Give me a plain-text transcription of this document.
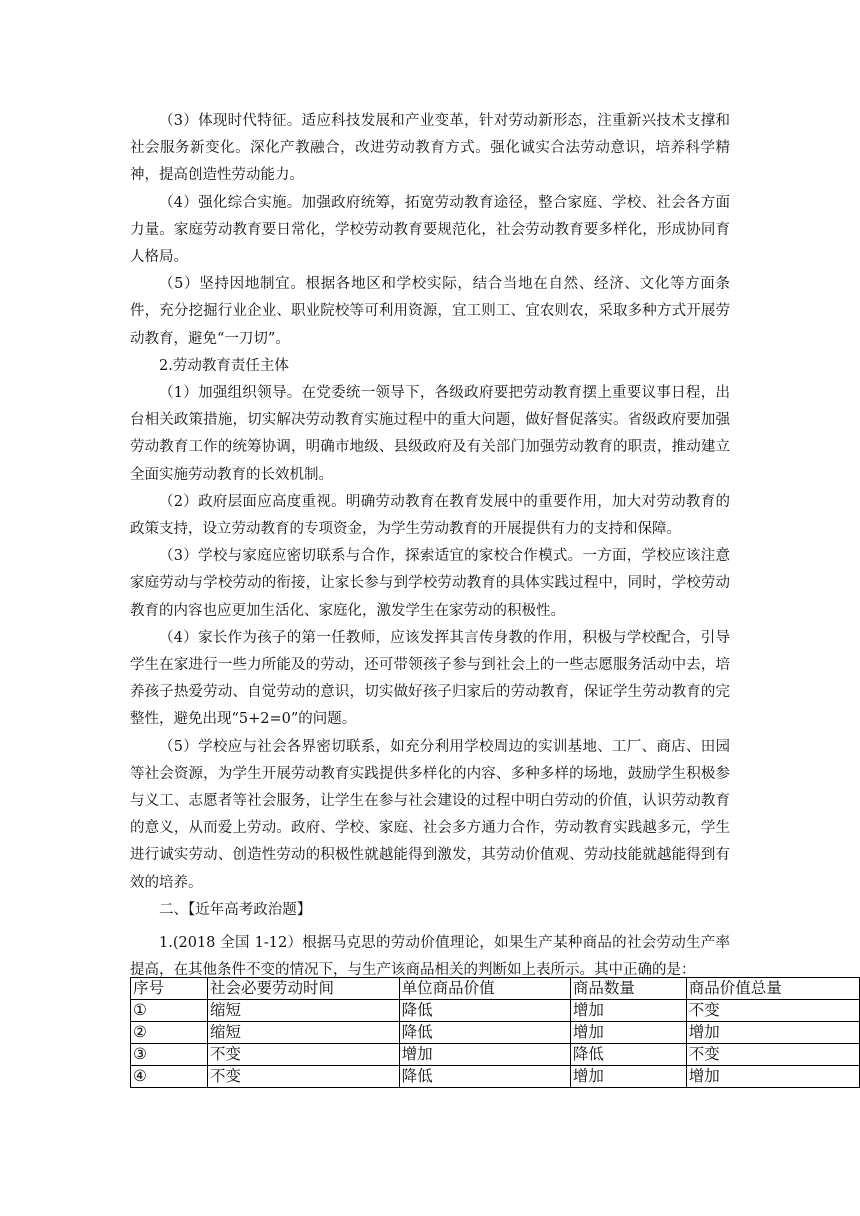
（3）体现时代特征。适应科技发展和产业变革，针对劳动新形态，注重新兴技术支撑和社会服务新变化。深化产教融合，改进劳动教育方式。强化诚实合法劳动意识，培养科学精神，提高创造性劳动能力。

（4）强化综合实施。加强政府统筹，拓宽劳动教育途径，整合家庭、学校、社会各方面力量。家庭劳动教育要日常化，学校劳动教育要规范化，社会劳动教育要多样化，形成协同育人格局。

（5）坚持因地制宜。根据各地区和学校实际，结合当地在自然、经济、文化等方面条件，充分挖掘行业企业、职业院校等可利用资源，宜工则工、宜农则农，采取多种方式开展劳动教育，避免“一刀切”。

2.劳动教育责任主体

（1）加强组织领导。在党委统一领导下，各级政府要把劳动教育摆上重要议事日程，出台相关政策措施，切实解决劳动教育实施过程中的重大问题，做好督促落实。省级政府要加强劳动教育工作的统筹协调，明确市地级、县级政府及有关部门加强劳动教育的职责，推动建立全面实施劳动教育的长效机制。

（2）政府层面应高度重视。明确劳动教育在教育发展中的重要作用，加大对劳动教育的政策支持，设立劳动教育的专项资金，为学生劳动教育的开展提供有力的支持和保障。

（3）学校与家庭应密切联系与合作，探索适宜的家校合作模式。一方面，学校应该注意家庭劳动与学校劳动的衔接，让家长参与到学校劳动教育的具体实践过程中，同时，学校劳动教育的内容也应更加生活化、家庭化，激发学生在家劳动的积极性。

（4）家长作为孩子的第一任教师，应该发挥其言传身教的作用，积极与学校配合，引导学生在家进行一些力所能及的劳动，还可带领孩子参与到社会上的一些志愿服务活动中去，培养孩子热爱劳动、自觉劳动的意识，切实做好孩子归家后的劳动教育，保证学生劳动教育的完整性，避免出现“5+2=0”的问题。

（5）学校应与社会各界密切联系，如充分利用学校周边的实训基地、工厂、商店、田园等社会资源，为学生开展劳动教育实践提供多样化的内容、多种多样的场地，鼓励学生积极参与义工、志愿者等社会服务，让学生在参与社会建设的过程中明白劳动的价值，认识劳动教育的意义，从而爱上劳动。政府、学校、家庭、社会多方通力合作，劳动教育实践越多元，学生进行诚实劳动、创造性劳动的积极性就越能得到激发，其劳动价值观、劳动技能就越能得到有效的培养。

二、【近年高考政治题】

1.(2018 全国 1-12）根据马克思的劳动价值理论，如果生产某种商品的社会劳动生产率提高，在其他条件不变的情况下，与生产该商品相关的判断如上表所示。其中正确的是：

序号	社会必要劳动时间	单位商品价值	商品数量	商品价值总量
①	缩短	降低	增加	不变
②	缩短	降低	增加	增加
③	不变	增加	降低	不变
④	不变	降低	增加	增加
